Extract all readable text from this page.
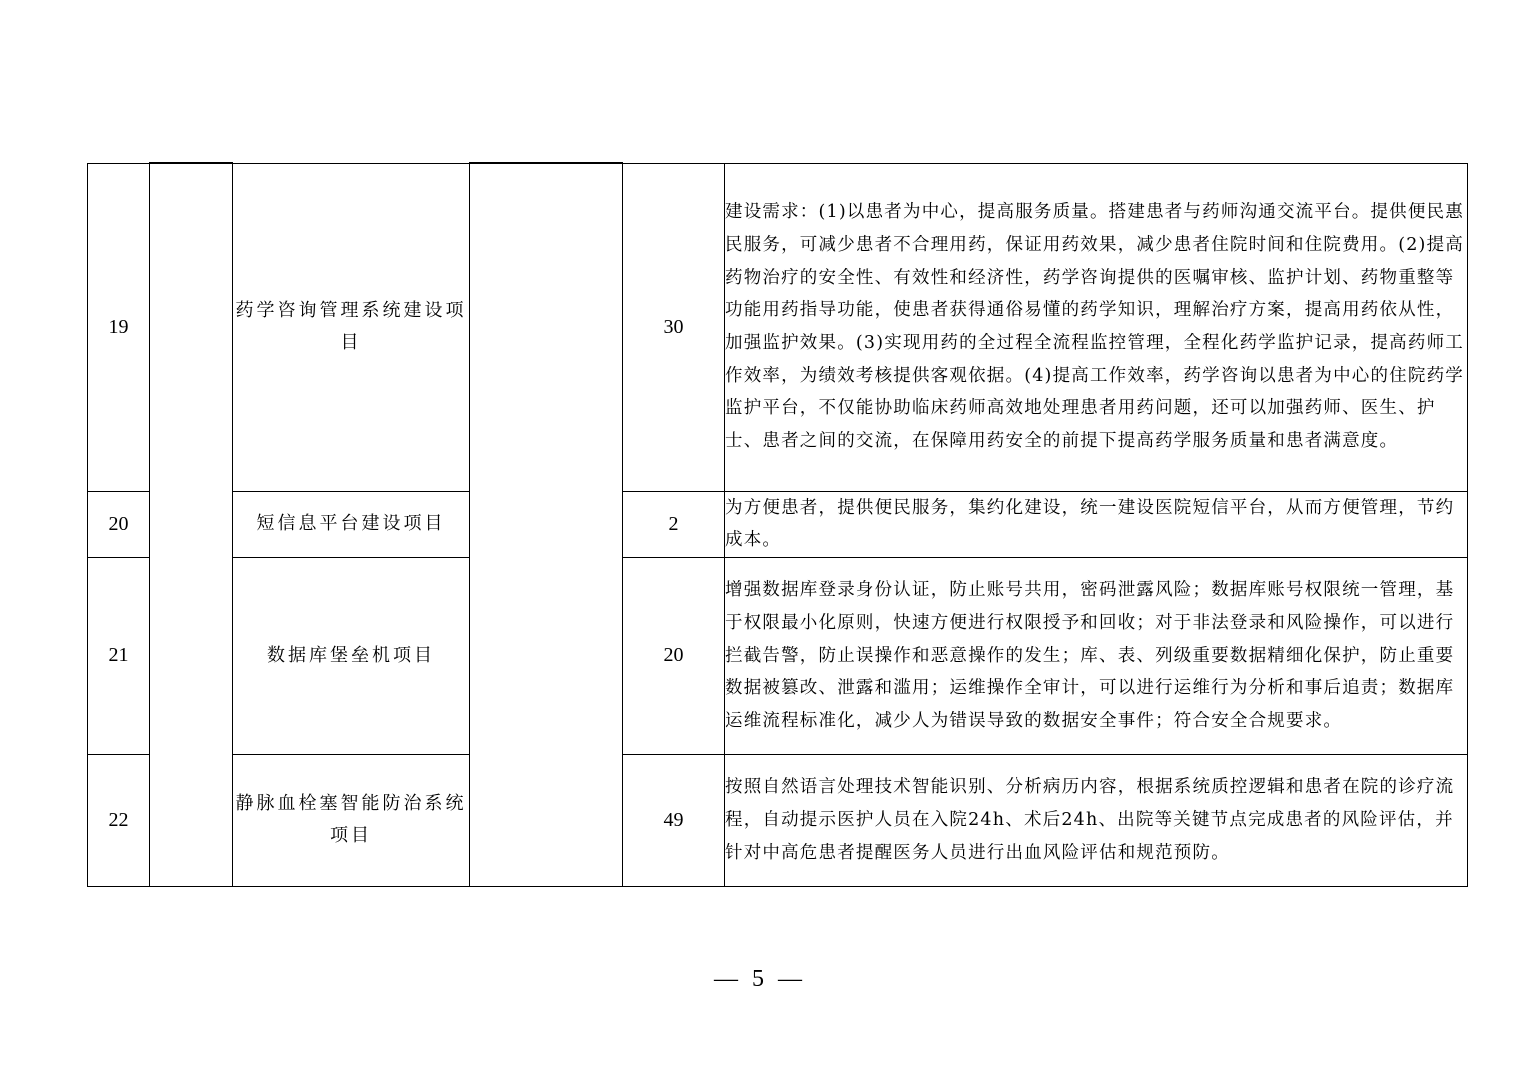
19		药学咨询管理系统建设项目		30	建设需求：(1)以患者为中心，提高服务质量。搭建患者与药师沟通交流平台。提供便民惠民服务，可减少患者不合理用药，保证用药效果，减少患者住院时间和住院费用。(2)提高药物治疗的安全性、有效性和经济性，药学咨询提供的医嘱审核、监护计划、药物重整等功能用药指导功能，使患者获得通俗易懂的药学知识，理解治疗方案，提高用药依从性，加强监护效果。(3)实现用药的全过程全流程监控管理，全程化药学监护记录，提高药师工作效率，为绩效考核提供客观依据。(4)提高工作效率，药学咨询以患者为中心的住院药学监护平台，不仅能协助临床药师高效地处理患者用药问题，还可以加强药师、医生、护士、患者之间的交流，在保障用药安全的前提下提高药学服务质量和患者满意度。
20		短信息平台建设项目		2	为方便患者，提供便民服务，集约化建设，统一建设医院短信平台，从而方便管理，节约成本。
21		数据库堡垒机项目		20	增强数据库登录身份认证，防止账号共用，密码泄露风险；数据库账号权限统一管理，基于权限最小化原则，快速方便进行权限授予和回收；对于非法登录和风险操作，可以进行拦截告警，防止误操作和恶意操作的发生；库、表、列级重要数据精细化保护，防止重要数据被篡改、泄露和滥用；运维操作全审计，可以进行运维行为分析和事后追责；数据库运维流程标准化，减少人为错误导致的数据安全事件；符合安全合规要求。
22		静脉血栓塞智能防治系统项目		49	按照自然语言处理技术智能识别、分析病历内容，根据系统质控逻辑和患者在院的诊疗流程，自动提示医护人员在入院24h、术后24h、出院等关键节点完成患者的风险评估，并针对中高危患者提醒医务人员进行出血风险评估和规范预防。
— 5 —
